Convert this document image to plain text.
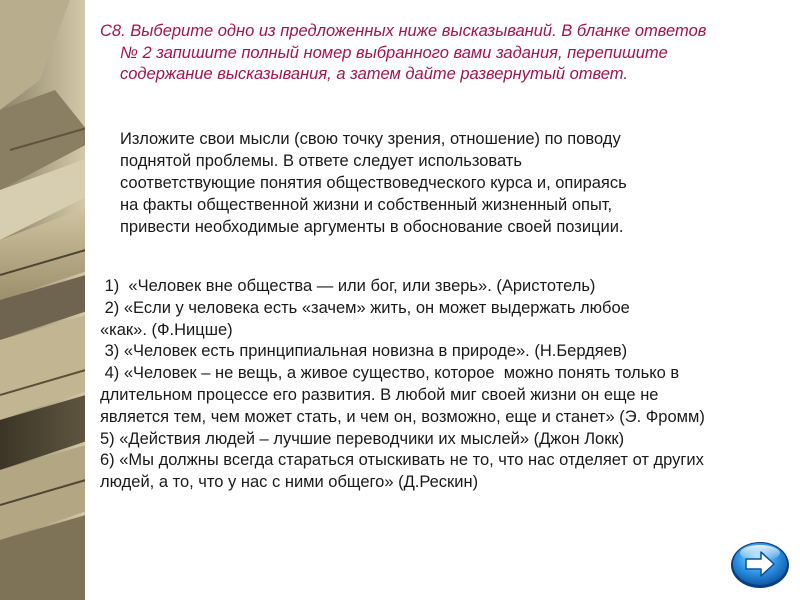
С8. Выберите одно из предложенных ниже высказываний. В бланке ответов № 2 запишите полный номер выбранного вами задания, перепишите содержание высказывания, а затем дайте развернутый ответ.

Изложите свои мысли (свою точку зрения, отношение) по поводу

поднятой проблемы. В ответе следует использовать

соответствующие понятия обществоведческого курса и, опираясь

на факты общественной жизни и собственный жизненный опыт,

привести необходимые аргументы в обоснование своей позиции.

1)  «Человек вне общества — или бог, или зверь». (Аристотель)

2) «Если у человека есть «зачем» жить, он может выдержать любое

«как». (Ф.Ницше)

3) «Человек есть принципиальная новизна в природе». (Н.Бердяев)

4) «Человек – не вещь, а живое существо, которое  можно понять только в

длительном процессе его развития. В любой миг своей жизни он еще не

является тем, чем может стать, и чем он, возможно, еще и станет» (Э. Фромм)

5) «Действия людей – лучшие переводчики их мыслей» (Джон Локк)

6) «Мы должны всегда стараться отыскивать не то, что нас отделяет от других

людей, а то, что у нас с ними общего» (Д.Рескин)
